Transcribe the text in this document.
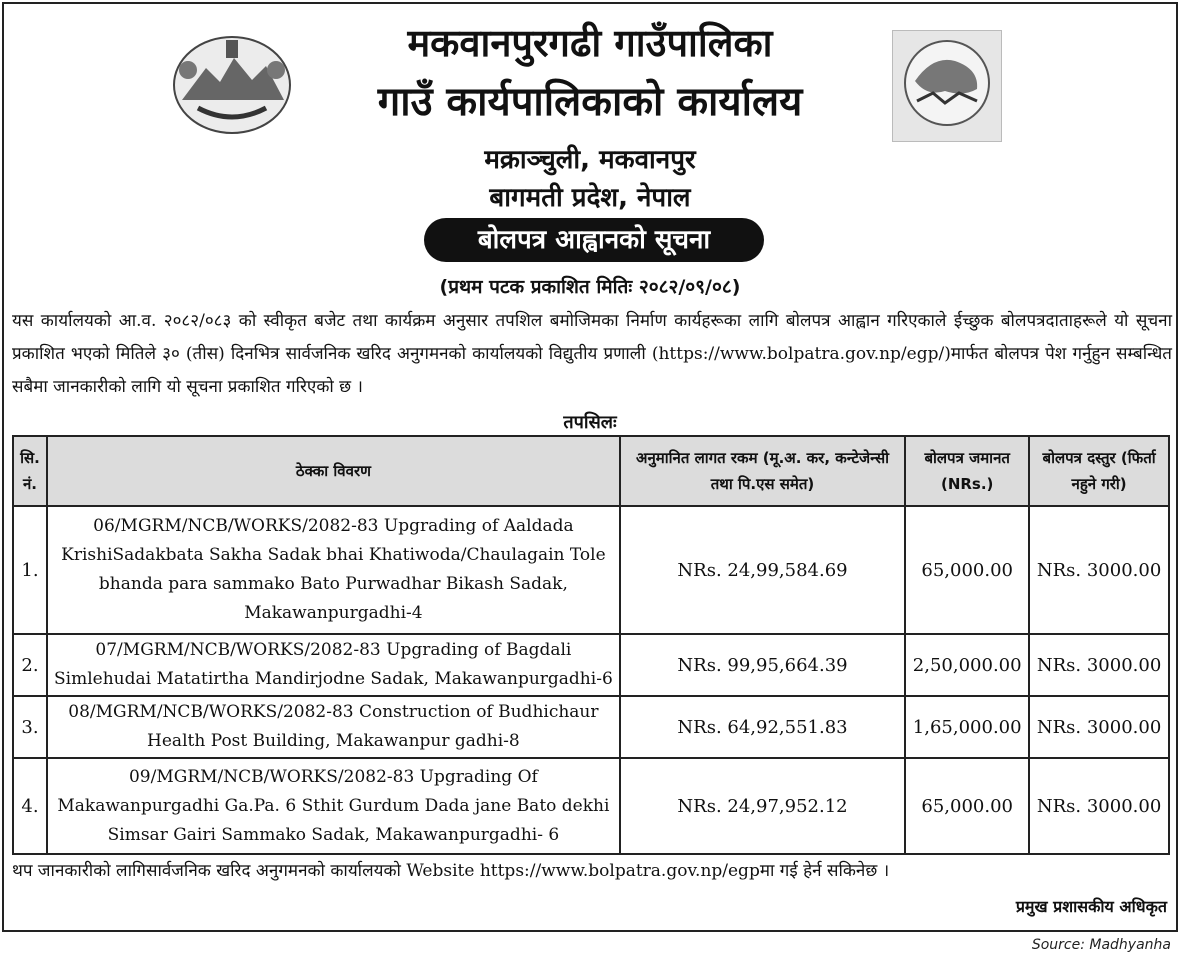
मकवानपुरगढी गाउँपालिका
गाउँ कार्यपालिकाको कार्यालय
मक्राञ्चुली, मकवानपुर
बागमती प्रदेश, नेपाल
बोलपत्र आह्वानको सूचना
(प्रथम पटक प्रकाशित मितिः २०८२/०९/०८)
यस कार्यालयको आ.व. २०८२/०८३ को स्वीकृत बजेट तथा कार्यक्रम अनुसार तपशिल बमोजिमका निर्माण कार्यहरूका लागि बोलपत्र आह्वान गरिएकाले ईच्छुक बोलपत्रदाताहरूले यो सूचना प्रकाशित भएको मितिले ३० (तीस) दिनभित्र सार्वजनिक खरिद अनुगमनको कार्यालयको विद्युतीय प्रणाली (https://www.bolpatra.gov.np/egp/)मार्फत बोलपत्र पेश गर्नुहुन सम्बन्धित सबैमा जानकारीको लागि यो सूचना प्रकाशित गरिएको छ ।
तपसिलः
सि. नं.	ठेक्का विवरण	अनुमानित लागत रकम (मू.अ. कर, कन्टेजेन्सी तथा पि.एस समेत)	बोलपत्र जमानत (NRs.)	बोलपत्र दस्तुर (फिर्ता नहुने गरी)
1.	06/MGRM/NCB/WORKS/2082-83 Upgrading of Aaldada KrishiSadakbata Sakha Sadak bhai Khatiwoda/Chaulagain Tole bhanda para sammako Bato Purwadhar Bikash Sadak, Makawanpurgadhi-4	NRs. 24,99,584.69	65,000.00	NRs. 3000.00
2.	07/MGRM/NCB/WORKS/2082-83 Upgrading of Bagdali Simlehudai Matatirtha Mandirjodne Sadak, Makawanpurgadhi-6	NRs. 99,95,664.39	2,50,000.00	NRs. 3000.00
3.	08/MGRM/NCB/WORKS/2082-83 Construction of Budhichaur Health Post Building, Makawanpur gadhi-8	NRs. 64,92,551.83	1,65,000.00	NRs. 3000.00
4.	09/MGRM/NCB/WORKS/2082-83 Upgrading Of Makawanpurgadhi Ga.Pa. 6 Sthit Gurdum Dada jane Bato dekhi Simsar Gairi Sammako Sadak, Makawanpurgadhi- 6	NRs. 24,97,952.12	65,000.00	NRs. 3000.00
थप जानकारीको लागिसार्वजनिक खरिद अनुगमनको कार्यालयको Website https://www.bolpatra.gov.np/egpमा गई हेर्न सकिनेछ ।
प्रमुख प्रशासकीय अधिकृत
Source: Madhyanha
